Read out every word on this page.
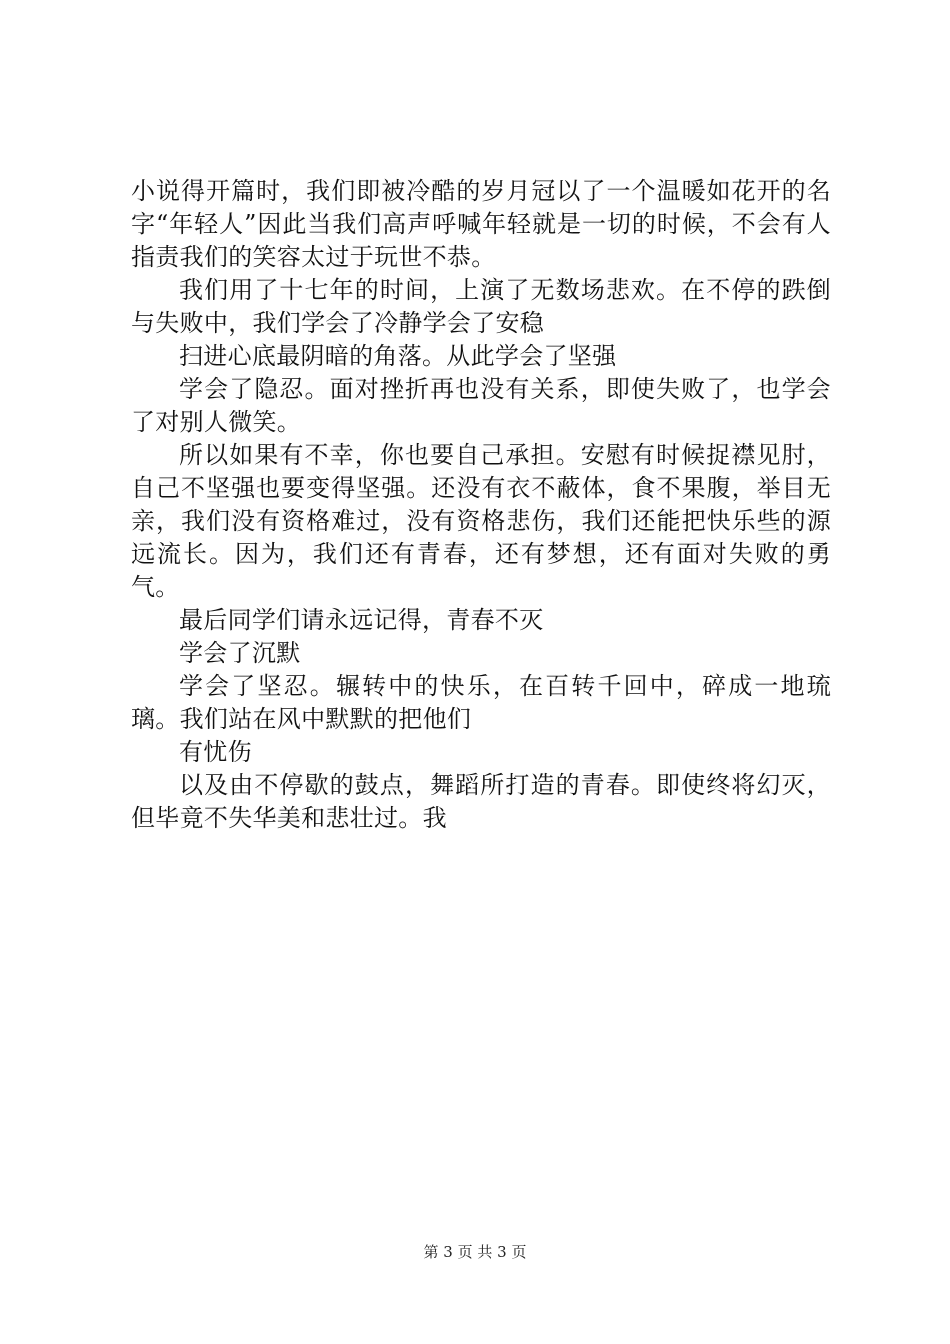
小说得开篇时，我们即被冷酷的岁月冠以了一个温暖如花开的名字“年轻人”因此当我们高声呼喊年轻就是一切的时候，不会有人指责我们的笑容太过于玩世不恭。

我们用了十七年的时间，上演了无数场悲欢。在不停的跌倒与失败中，我们学会了冷静学会了安稳

扫进心底最阴暗的角落。从此学会了坚强

学会了隐忍。面对挫折再也没有关系，即使失败了，也学会了对别人微笑。

所以如果有不幸，你也要自己承担。安慰有时候捉襟见肘，自己不坚强也要变得坚强。还没有衣不蔽体，食不果腹，举目无亲，我们没有资格难过，没有资格悲伤，我们还能把快乐些的源远流长。因为，我们还有青春，还有梦想，还有面对失败的勇气。

最后同学们请永远记得，青春不灭

学会了沉默

学会了坚忍。辗转中的快乐，在百转千回中，碎成一地琉璃。我们站在风中默默的把他们

有忧伤

以及由不停歇的鼓点，舞蹈所打造的青春。即使终将幻灭，但毕竟不失华美和悲壮过。我

第 3 页 共 3 页
